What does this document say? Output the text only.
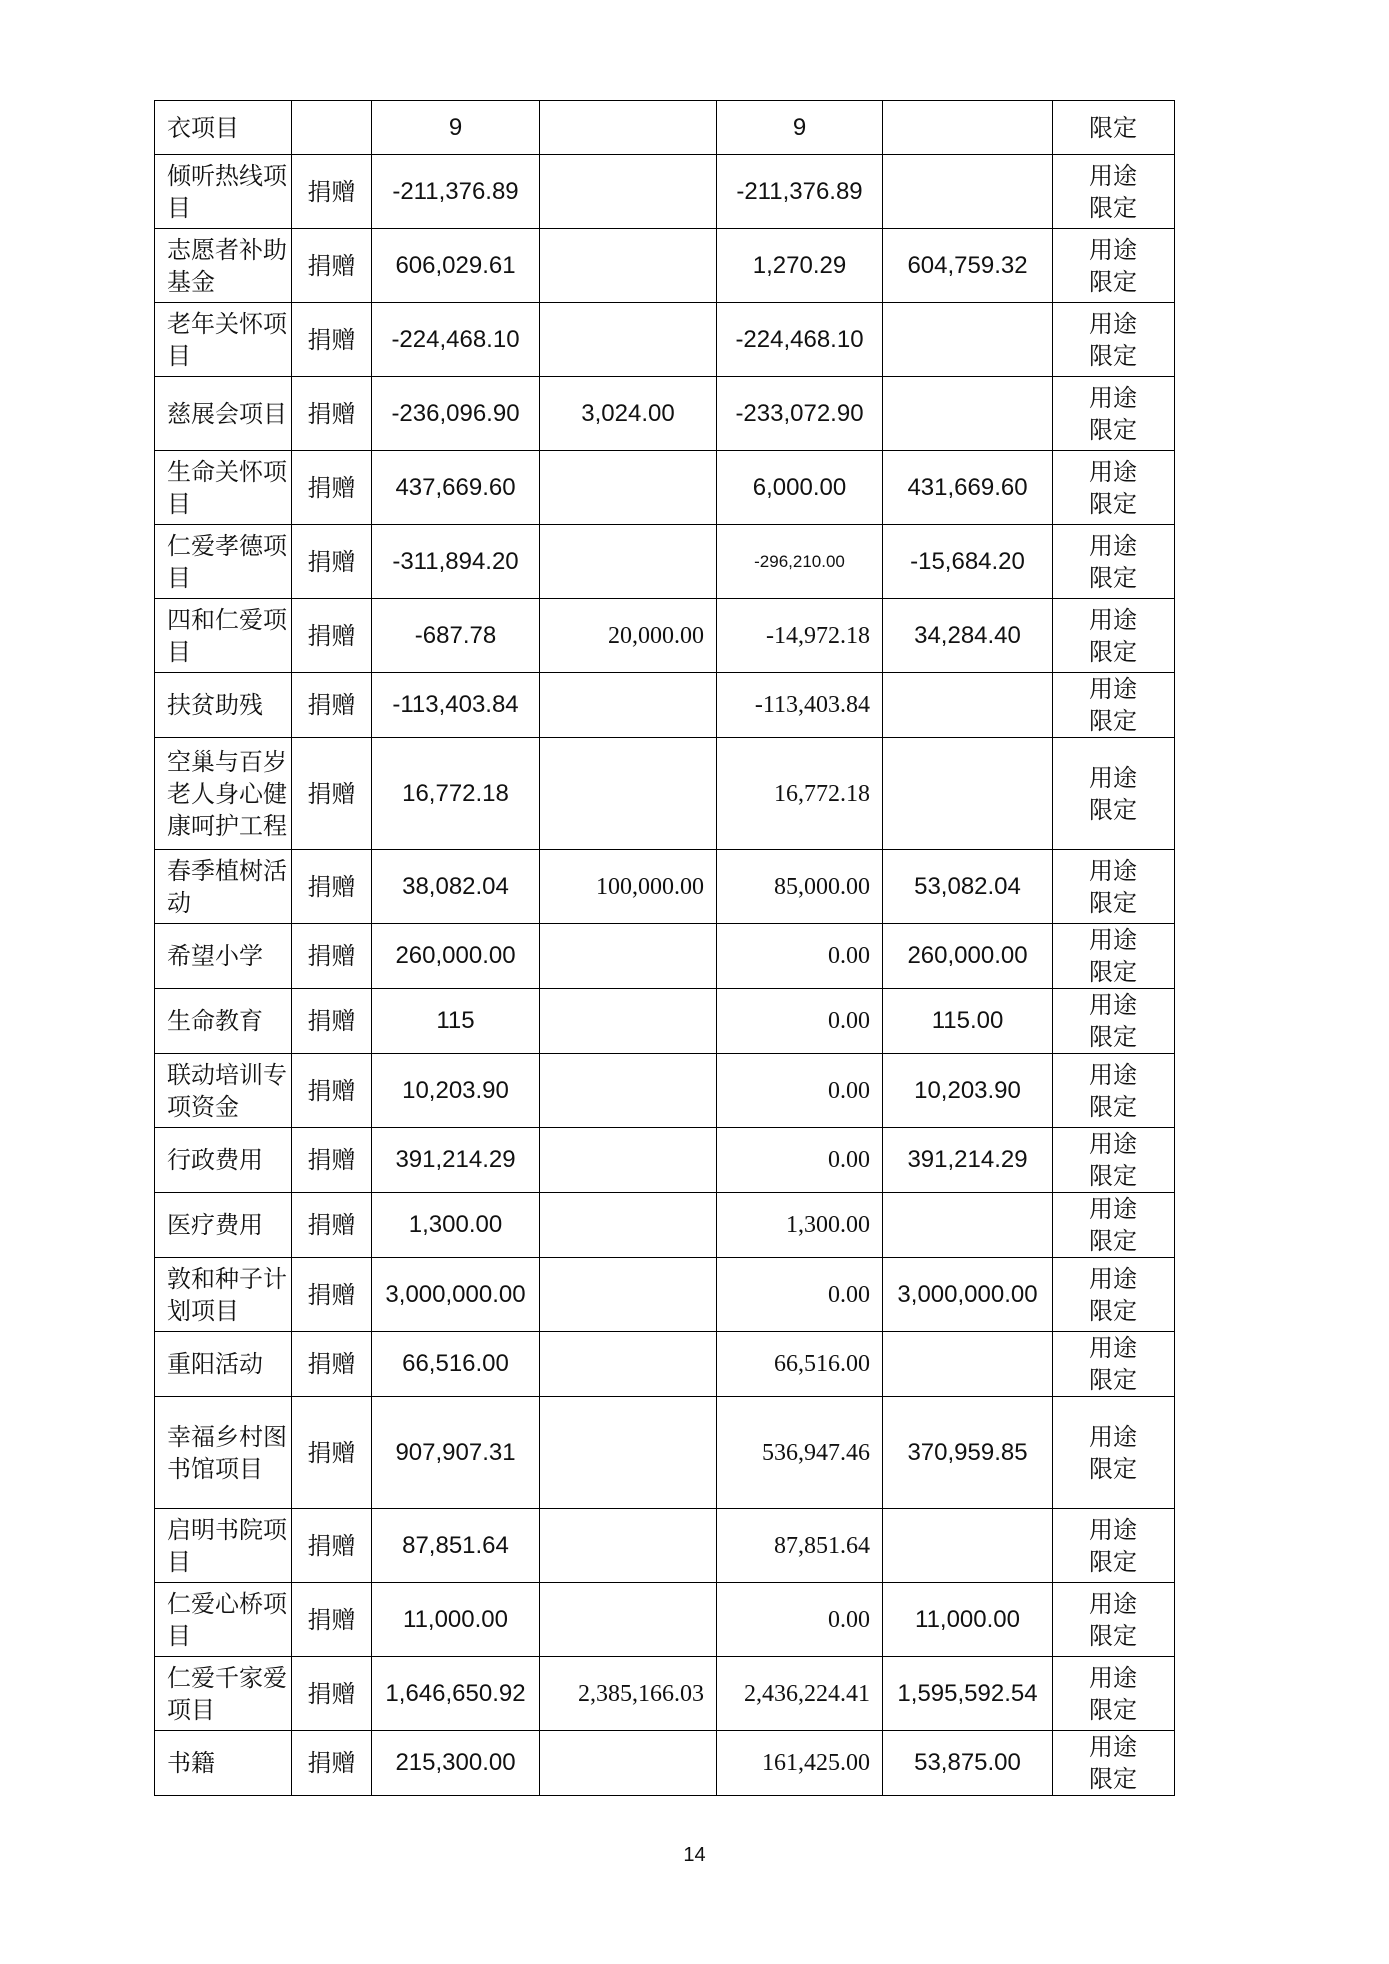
衣项目		9		9		限定
倾听热线项目	捐赠	-211,376.89		-211,376.89		用途限定
志愿者补助基金	捐赠	606,029.61		1,270.29	604,759.32	用途限定
老年关怀项目	捐赠	-224,468.10		-224,468.10		用途限定
慈展会项目	捐赠	-236,096.90	3,024.00	-233,072.90		用途限定
生命关怀项目	捐赠	437,669.60		6,000.00	431,669.60	用途限定
仁爱孝德项目	捐赠	-311,894.20		-296,210.00	-15,684.20	用途限定
四和仁爱项目	捐赠	-687.78	20,000.00	-14,972.18	34,284.40	用途限定
扶贫助残	捐赠	-113,403.84		-113,403.84		用途限定
空巢与百岁老人身心健康呵护工程	捐赠	16,772.18		16,772.18		用途限定
春季植树活动	捐赠	38,082.04	100,000.00	85,000.00	53,082.04	用途限定
希望小学	捐赠	260,000.00		0.00	260,000.00	用途限定
生命教育	捐赠	115		0.00	115.00	用途限定
联动培训专项资金	捐赠	10,203.90		0.00	10,203.90	用途限定
行政费用	捐赠	391,214.29		0.00	391,214.29	用途限定
医疗费用	捐赠	1,300.00		1,300.00		用途限定
敦和种子计划项目	捐赠	3,000,000.00		0.00	3,000,000.00	用途限定
重阳活动	捐赠	66,516.00		66,516.00		用途限定
幸福乡村图书馆项目	捐赠	907,907.31		536,947.46	370,959.85	用途限定
启明书院项目	捐赠	87,851.64		87,851.64		用途限定
仁爱心桥项目	捐赠	11,000.00		0.00	11,000.00	用途限定
仁爱千家爱项目	捐赠	1,646,650.92	2,385,166.03	2,436,224.41	1,595,592.54	用途限定
书籍	捐赠	215,300.00		161,425.00	53,875.00	用途限定
14
